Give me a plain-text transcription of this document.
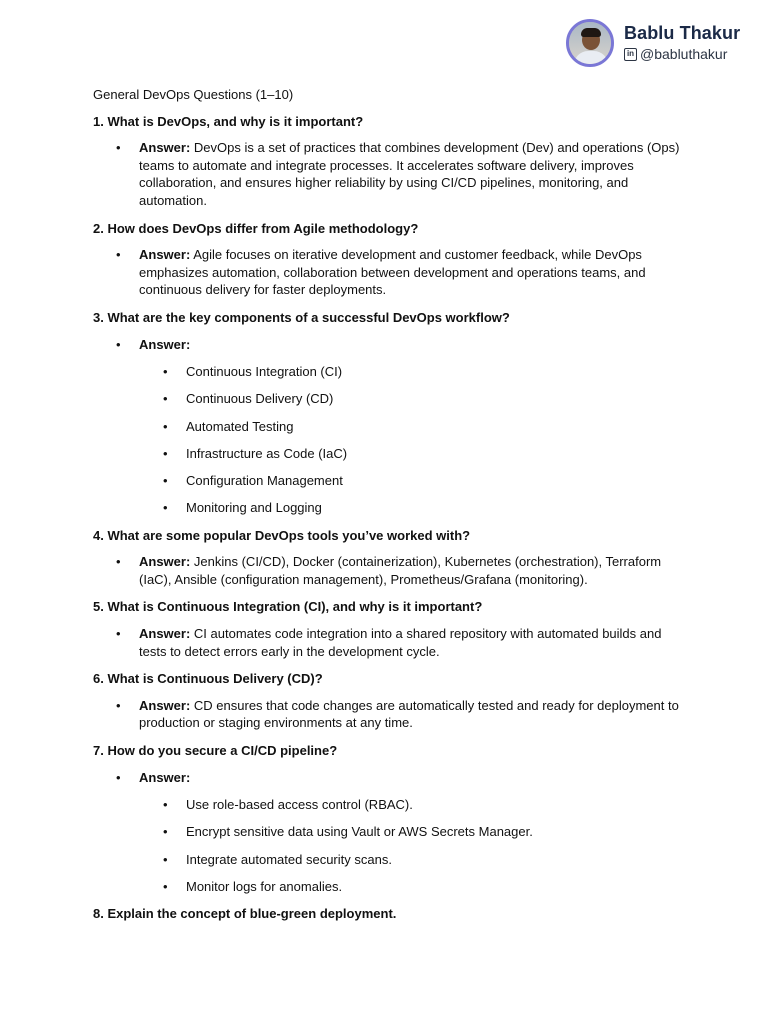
Bablu Thakur
in @babluthakur
General DevOps Questions (1–10)
1. What is DevOps, and why is it important?
• Answer: DevOps is a set of practices that combines development (Dev) and operations (Ops) teams to automate and integrate processes. It accelerates software delivery, improves collaboration, and ensures higher reliability by using CI/CD pipelines, monitoring, and automation.
2. How does DevOps differ from Agile methodology?
• Answer: Agile focuses on iterative development and customer feedback, while DevOps emphasizes automation, collaboration between development and operations teams, and continuous delivery for faster deployments.
3. What are the key components of a successful DevOps workflow?
• Answer:
• Continuous Integration (CI)
• Continuous Delivery (CD)
• Automated Testing
• Infrastructure as Code (IaC)
• Configuration Management
• Monitoring and Logging
4. What are some popular DevOps tools you’ve worked with?
• Answer: Jenkins (CI/CD), Docker (containerization), Kubernetes (orchestration), Terraform (IaC), Ansible (configuration management), Prometheus/Grafana (monitoring).
5. What is Continuous Integration (CI), and why is it important?
• Answer: CI automates code integration into a shared repository with automated builds and tests to detect errors early in the development cycle.
6. What is Continuous Delivery (CD)?
• Answer: CD ensures that code changes are automatically tested and ready for deployment to production or staging environments at any time.
7. How do you secure a CI/CD pipeline?
• Answer:
• Use role-based access control (RBAC).
• Encrypt sensitive data using Vault or AWS Secrets Manager.
• Integrate automated security scans.
• Monitor logs for anomalies.
8. Explain the concept of blue-green deployment.
